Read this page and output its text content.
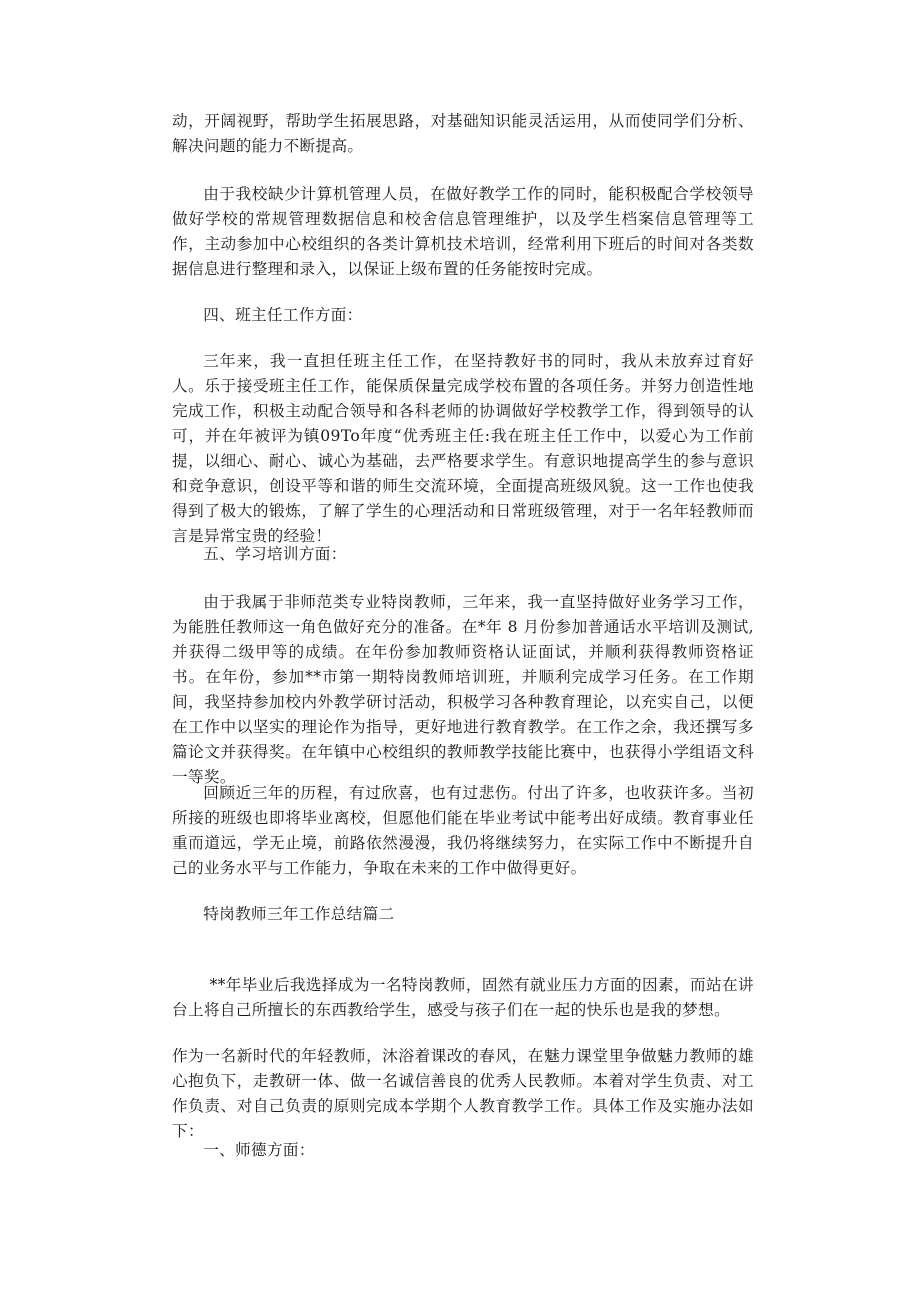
动，开阔视野，帮助学生拓展思路，对基础知识能灵活运用，从而使同学们分析、解决问题的能力不断提高。

由于我校缺少计算机管理人员，在做好教学工作的同时，能积极配合学校领导做好学校的常规管理数据信息和校舍信息管理维护，以及学生档案信息管理等工作，主动参加中心校组织的各类计算机技术培训，经常利用下班后的时间对各类数据信息进行整理和录入，以保证上级布置的任务能按时完成。

四、班主任工作方面：

三年来，我一直担任班主任工作，在坚持教好书的同时，我从未放弃过育好人。乐于接受班主任工作，能保质保量完成学校布置的各项任务。并努力创造性地完成工作，积极主动配合领导和各科老师的协调做好学校教学工作，得到领导的认可，并在年被评为镇09To年度“优秀班主任:我在班主任工作中，以爱心为工作前提，以细心、耐心、诚心为基础，去严格要求学生。有意识地提高学生的参与意识和竞争意识，创设平等和谐的师生交流环境，全面提高班级风貌。这一工作也使我得到了极大的锻炼，了解了学生的心理活动和日常班级管理，对于一名年轻教师而言是异常宝贵的经验！

五、学习培训方面：

由于我属于非师范类专业特岗教师，三年来，我一直坚持做好业务学习工作，为能胜任教师这一角色做好充分的准备。在*年 8 月份参加普通话水平培训及测试,并获得二级甲等的成绩。在年份参加教师资格认证面试，并顺利获得教师资格证书。在年份，参加**市第一期特岗教师培训班，并顺利完成学习任务。在工作期间，我坚持参加校内外教学研讨活动，积极学习各种教育理论，以充实自己，以便在工作中以坚实的理论作为指导，更好地进行教育教学。在工作之余，我还撰写多篇论文并获得奖。在年镇中心校组织的教师教学技能比赛中，也获得小学组语文科一等奖。

回顾近三年的历程，有过欣喜，也有过悲伤。付出了许多，也收获许多。当初所接的班级也即将毕业离校，但愿他们能在毕业考试中能考出好成绩。教育事业任重而道远，学无止境，前路依然漫漫，我仍将继续努力，在实际工作中不断提升自己的业务水平与工作能力，争取在未来的工作中做得更好。

特岗教师三年工作总结篇二

**年毕业后我选择成为一名特岗教师，固然有就业压力方面的因素，而站在讲台上将自己所擅长的东西教给学生，感受与孩子们在一起的快乐也是我的梦想。

作为一名新时代的年轻教师，沐浴着课改的春风，在魅力课堂里争做魅力教师的雄心抱负下，走教研一体、做一名诚信善良的优秀人民教师。本着对学生负责、对工作负责、对自己负责的原则完成本学期个人教育教学工作。具体工作及实施办法如下：

一、师德方面：
